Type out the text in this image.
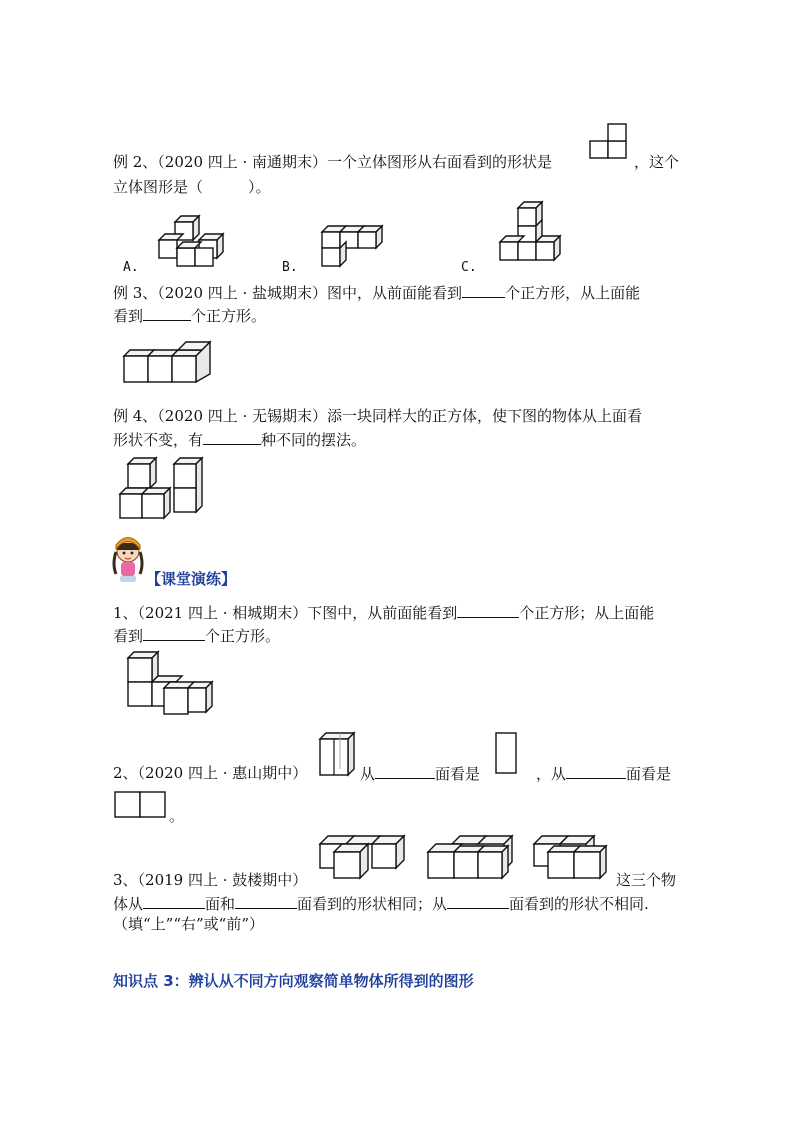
例 2、（2020 四上 · 南通期末）一个立体图形从右面看到的形状是	，这个
立体图形是（　　　）。
A.	B.	C.
例 3、（2020 四上 · 盐城期末）图中，从前面能看到	个正方形，从上面能
看到	个正方形。
例 4、（2020 四上 · 无锡期末）添一块同样大的正方体，使下图的物体从上面看
形状不变，有	种不同的摆法。
【课堂演练】
1、（2021 四上 · 相城期末）下图中，从前面能看到	个正方形；从上面能
看到	个正方形。
2、（2020 四上 · 惠山期中）	从	面看是	，从	面看是
。
3、（2019 四上 · 鼓楼期中）	这三个物
体从	面和	面看到的形状相同；从	面看到的形状不相同.
（填“上”“右”或“前”）
知识点 3：辨认从不同方向观察简单物体所得到的图形
